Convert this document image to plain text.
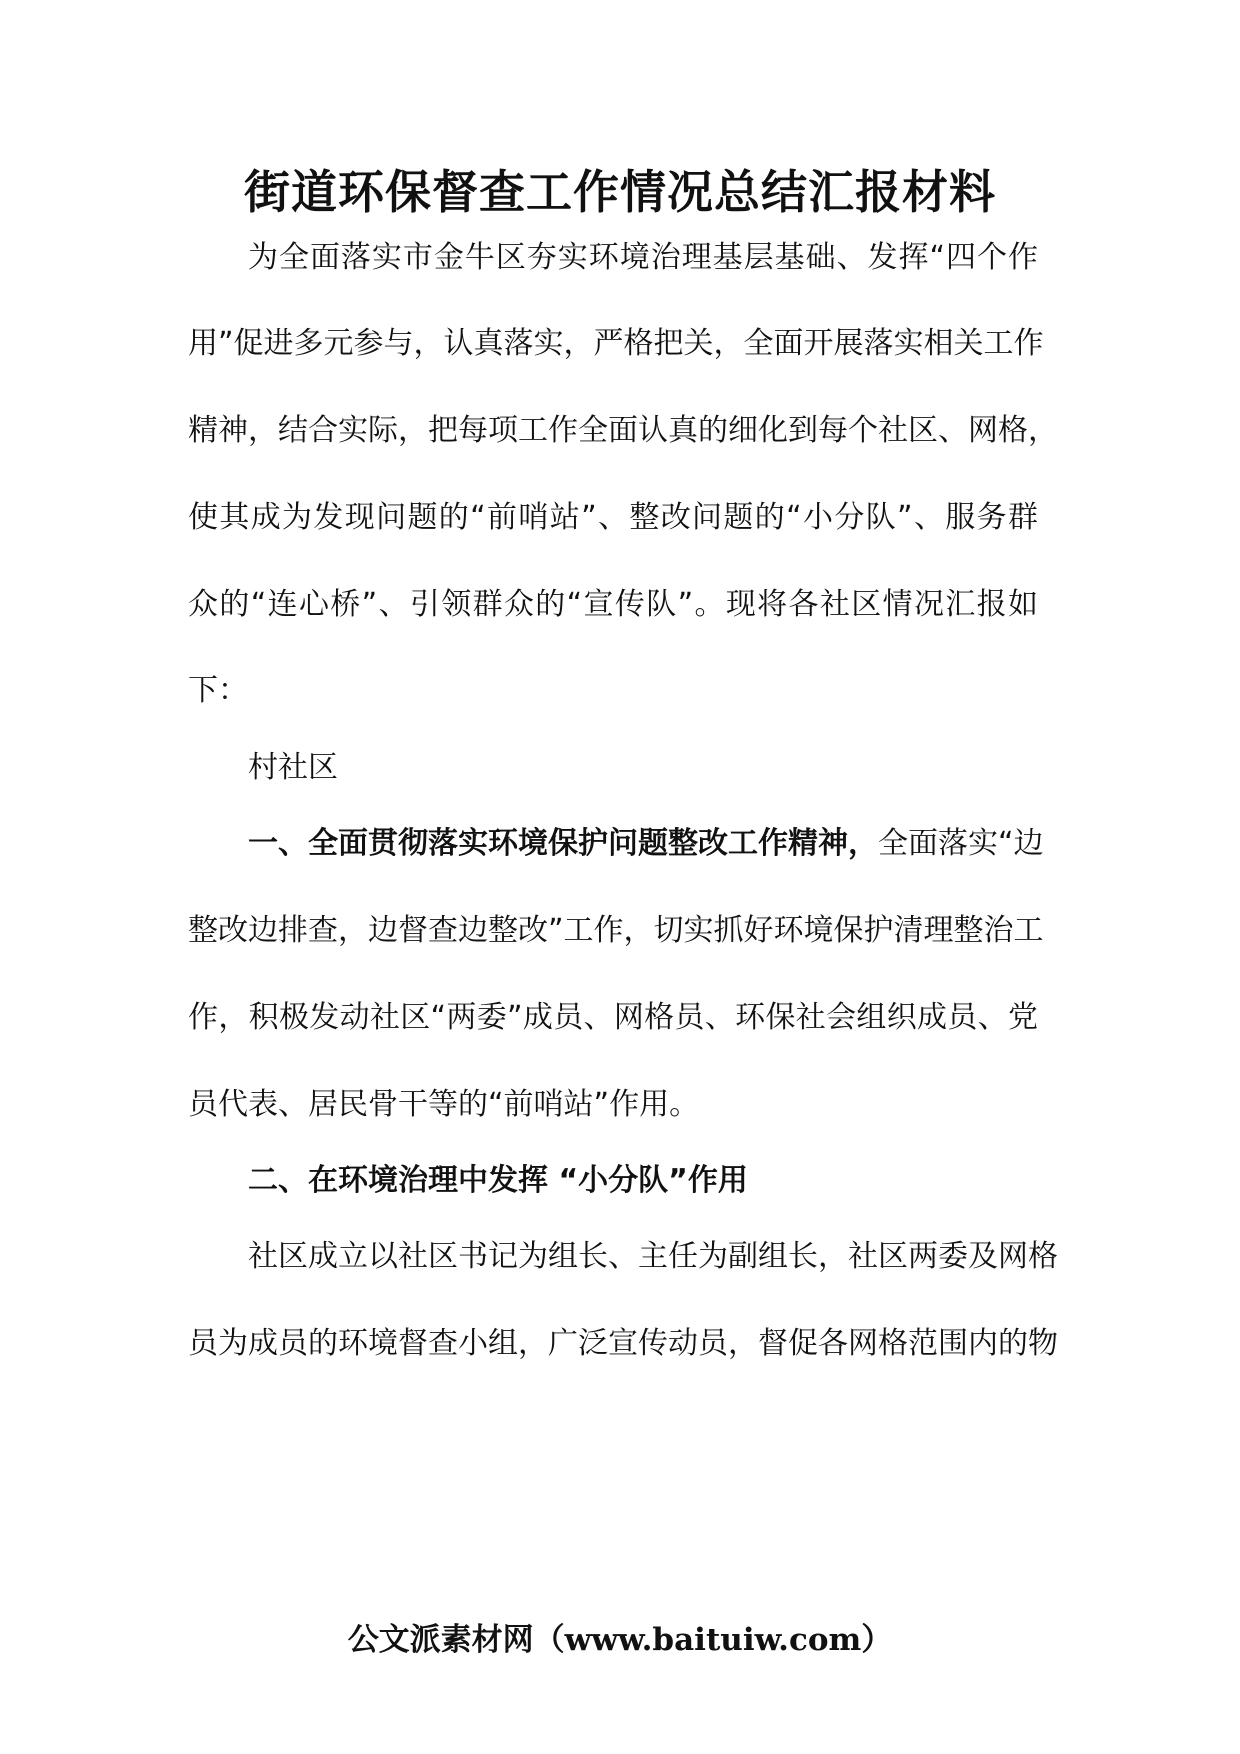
街道环保督查工作情况总结汇报材料
为全面落实市金牛区夯实环境治理基层基础、发挥“四个作
用”促进多元参与，认真落实，严格把关，全面开展落实相关工作
精神，结合实际，把每项工作全面认真的细化到每个社区、网格，
使其成为发现问题的“前哨站”、整改问题的“小分队”、服务群
众的“连心桥”、引领群众的“宣传队”。现将各社区情况汇报如
下：
村社区
一、全面贯彻落实环境保护问题整改工作精神，全面落实“边
整改边排查，边督查边整改”工作，切实抓好环境保护清理整治工
作，积极发动社区“两委”成员、网格员、环保社会组织成员、党
员代表、居民骨干等的“前哨站”作用。
二、在环境治理中发挥 “小分队”作用
社区成立以社区书记为组长、主任为副组长，社区两委及网格
员为成员的环境督查小组，广泛宣传动员，督促各网格范围内的物
公文派素材网（www.baituiw.com）
